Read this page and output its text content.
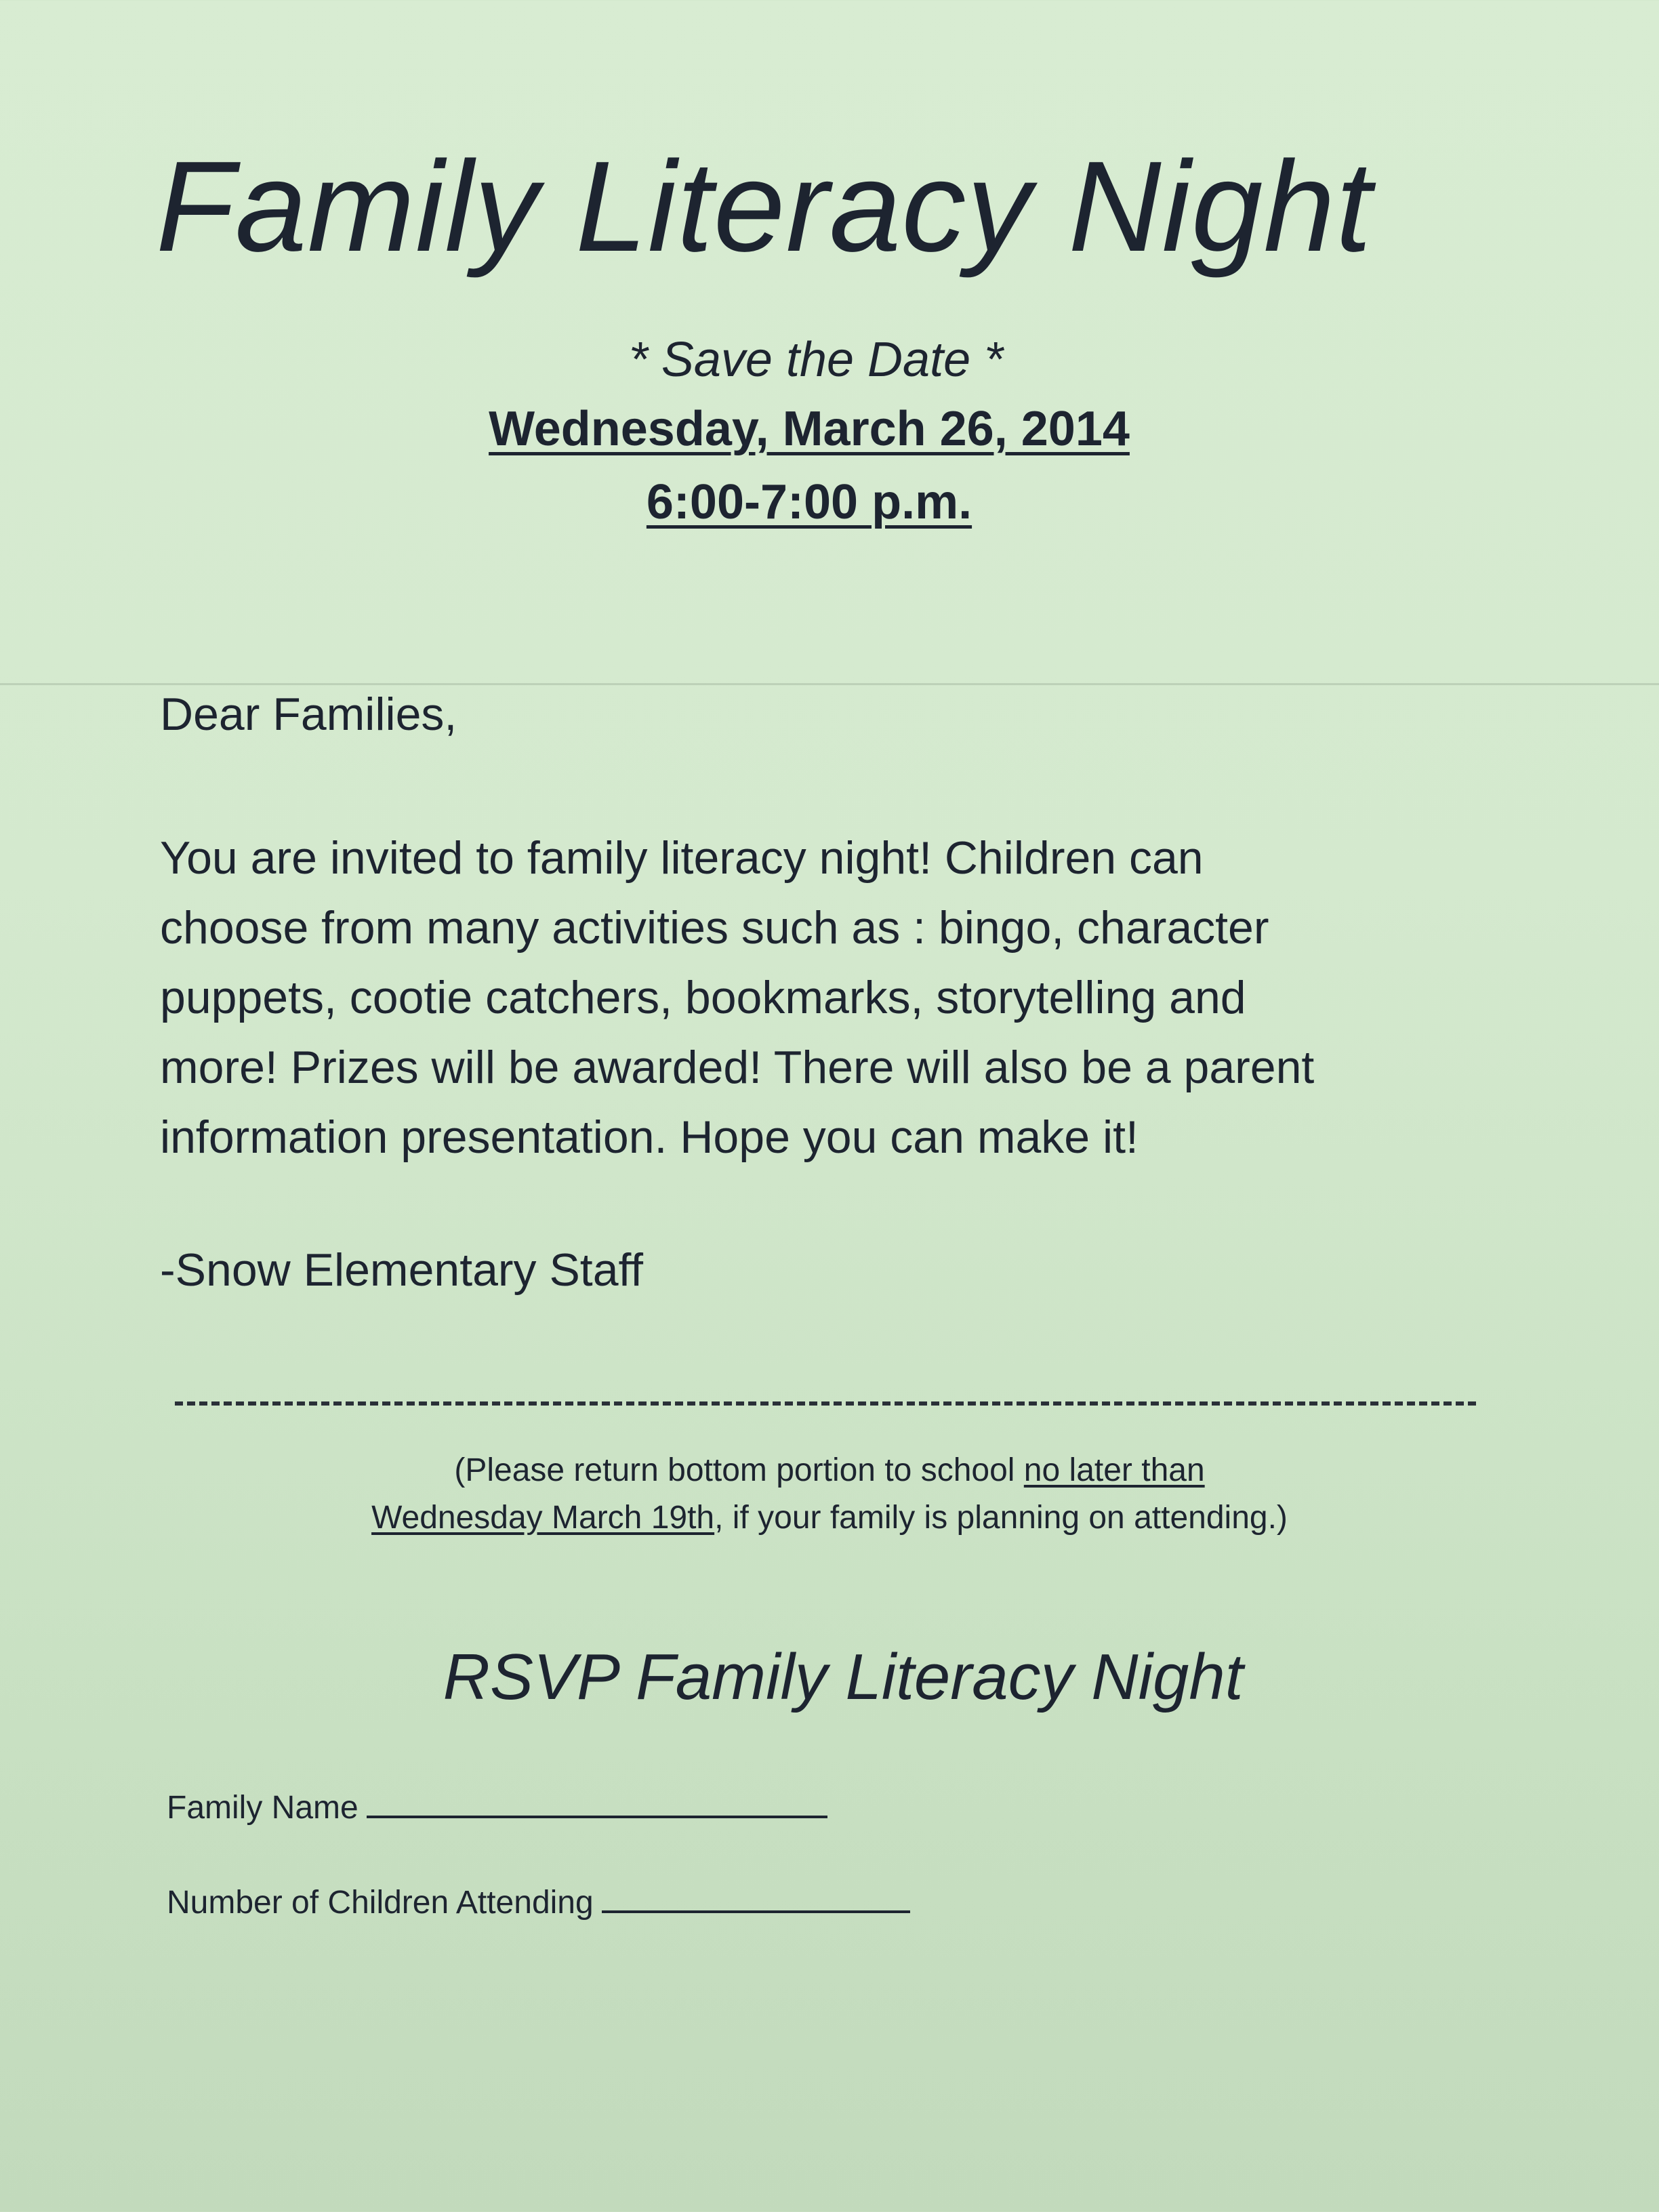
Family Literacy Night
* Save the Date *
Wednesday, March 26, 2014
6:00-7:00 p.m.
Dear Families,
You are invited to family literacy night! Children can
choose from many activities such as : bingo, character
puppets, cootie catchers, bookmarks, storytelling and
more! Prizes will be awarded! There will also be a parent
information presentation. Hope you can make it!
-Snow Elementary Staff
(Please return bottom portion to school no later than
Wednesday March 19th, if your family is planning on attending.)
RSVP Family Literacy Night
Family Name
Number of Children Attending
